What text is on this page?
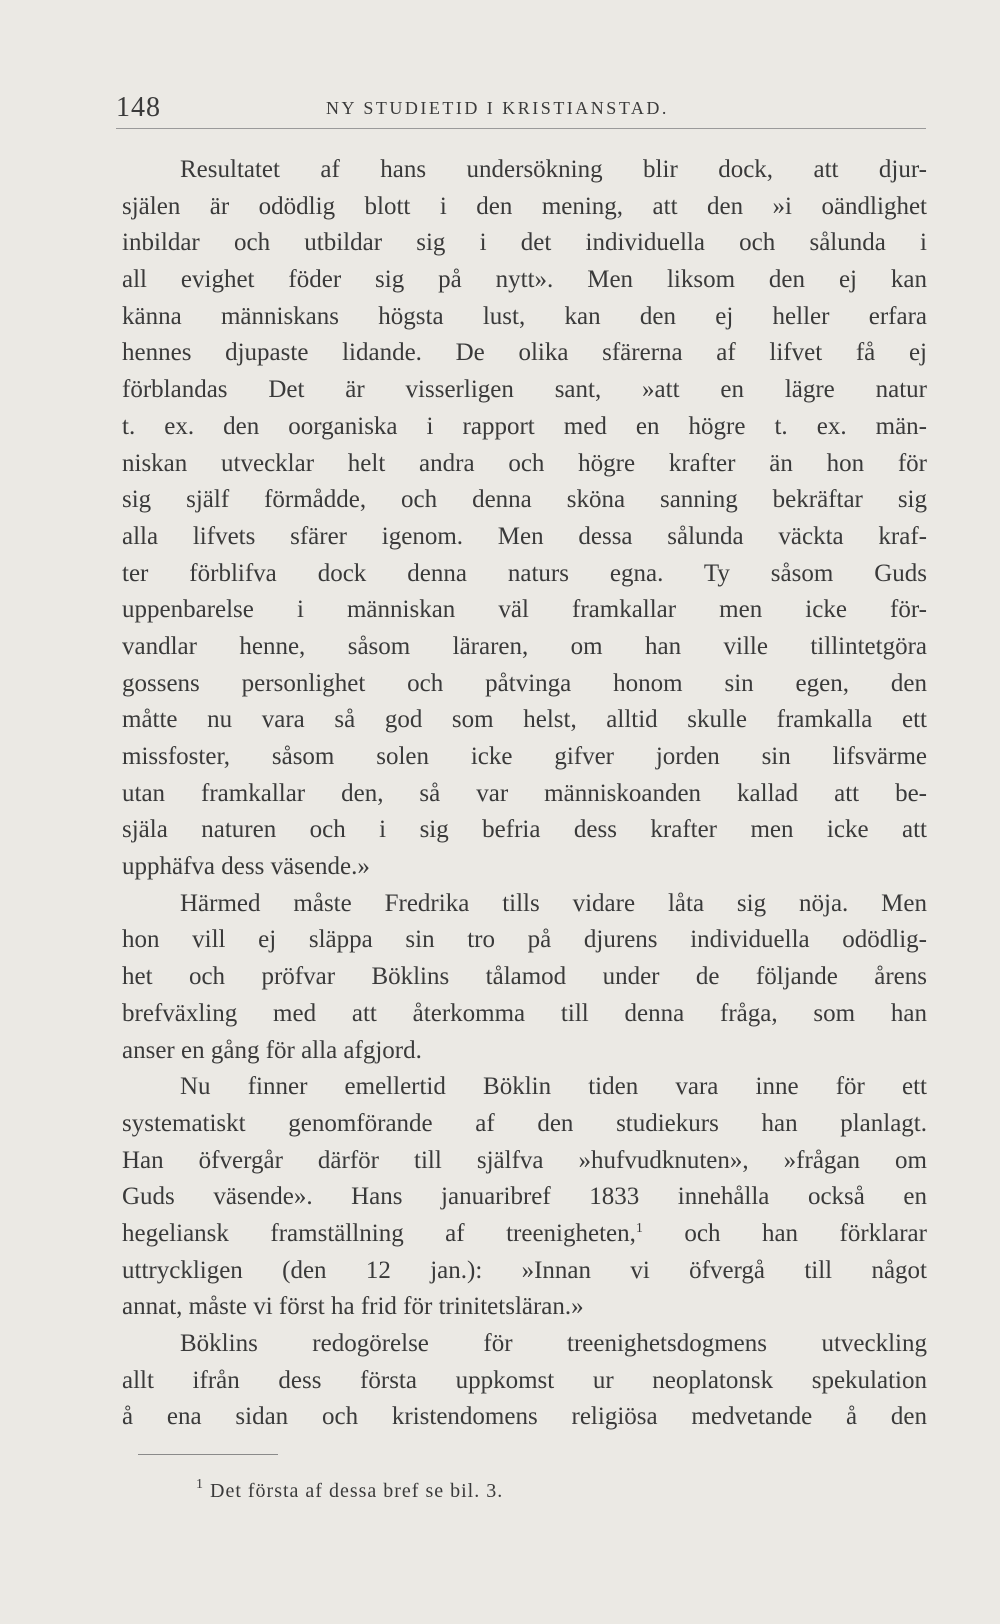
148	NY STUDIETID I KRISTIANSTAD.
Resultatet af hans undersökning blir dock, att djur-
själen är odödlig blott i den mening, att den »i oändlighet
inbildar och utbildar sig i det individuella och sålunda i
all evighet föder sig på nytt». Men liksom den ej kan
känna människans högsta lust, kan den ej heller erfara
hennes djupaste lidande. De olika sfärerna af lifvet få ej
förblandas Det är visserligen sant, »att en lägre natur
t. ex. den oorganiska i rapport med en högre t. ex. män-
niskan utvecklar helt andra och högre krafter än hon för
sig själf förmådde, och denna sköna sanning bekräftar sig
alla lifvets sfärer igenom. Men dessa sålunda väckta kraf-
ter förblifva dock denna naturs egna. Ty såsom Guds
uppenbarelse i människan väl framkallar men icke för-
vandlar henne, såsom läraren, om han ville tillintetgöra
gossens personlighet och påtvinga honom sin egen, den
måtte nu vara så god som helst, alltid skulle framkalla ett
missfoster, såsom solen icke gifver jorden sin lifsvärme
utan framkallar den, så var människoanden kallad att be-
själa naturen och i sig befria dess krafter men icke att
upphäfva dess väsende.»
Härmed måste Fredrika tills vidare låta sig nöja. Men
hon vill ej släppa sin tro på djurens individuella odödlig-
het och pröfvar Böklins tålamod under de följande årens
brefväxling med att återkomma till denna fråga, som han
anser en gång för alla afgjord.
Nu finner emellertid Böklin tiden vara inne för ett
systematiskt genomförande af den studiekurs han planlagt.
Han öfvergår därför till själfva »hufvudknuten», »frågan om
Guds väsende». Hans januaribref 1833 innehålla också en
hegeliansk framställning af treenigheten,$^1$ och han förklarar
uttryckligen (den 12 jan.): »Innan vi öfvergå till något
annat, måste vi först ha frid för trinitetsläran.»
Böklins redogörelse för treenighetsdogmens utveckling
allt ifrån dess första uppkomst ur neoplatonsk spekulation
å ena sidan och kristendomens religiösa medvetande å den
$^1$ Det första af dessa bref se bil. 3.
